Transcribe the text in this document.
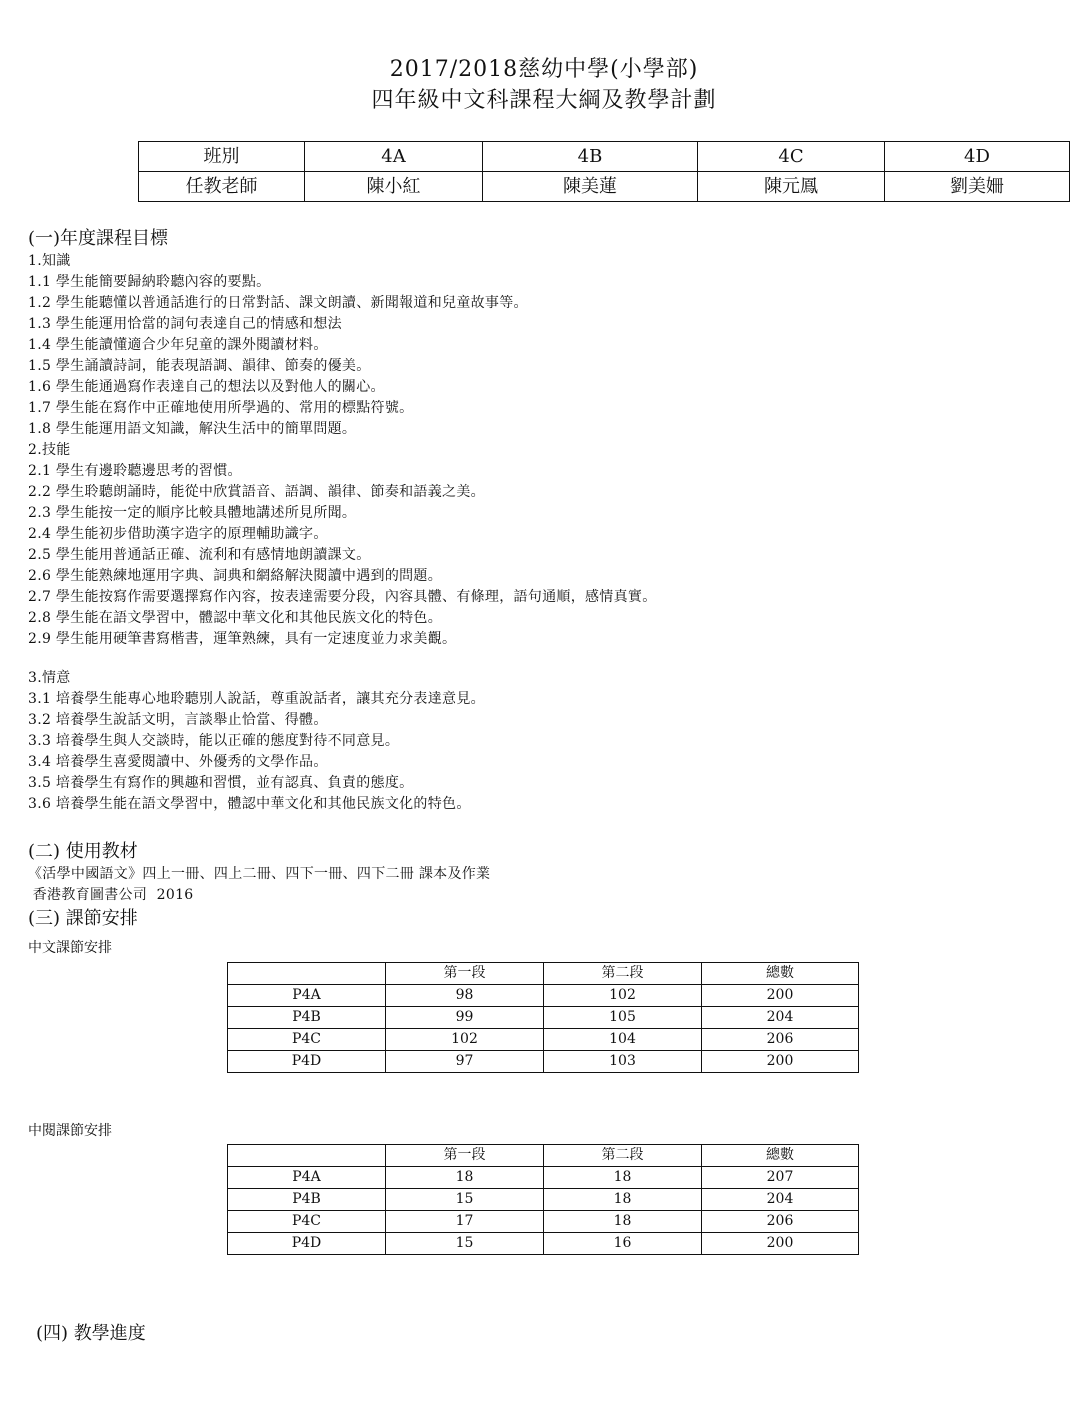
2017/2018慈幼中學(小學部)
四年級中文科課程大綱及教學計劃
班別	4A	4B	4C	4D
任教老師	陳小紅	陳美蓮	陳元鳳	劉美姍
(一)年度課程目標
1.知識
1.1 學生能簡要歸納聆聽內容的要點。
1.2 學生能聽懂以普通話進行的日常對話、課文朗讀、新聞報道和兒童故事等。
1.3 學生能運用恰當的詞句表達自己的情感和想法
1.4 學生能讀懂適合少年兒童的課外閱讀材料。
1.5 學生誦讀詩詞，能表現語調、韻律、節奏的優美。
1.6 學生能通過寫作表達自己的想法以及對他人的關心。
1.7 學生能在寫作中正確地使用所學過的、常用的標點符號。
1.8 學生能運用語文知識，解決生活中的簡單問題。
2.技能
2.1 學生有邊聆聽邊思考的習慣。
2.2 學生聆聽朗誦時，能從中欣賞語音、語調、韻律、節奏和語義之美。
2.3 學生能按一定的順序比較具體地講述所見所聞。
2.4 學生能初步借助漢字造字的原理輔助識字。
2.5 學生能用普通話正確、流利和有感情地朗讀課文。
2.6 學生能熟練地運用字典、詞典和網絡解決閱讀中遇到的問題。
2.7 學生能按寫作需要選擇寫作內容，按表達需要分段，內容具體、有條理，語句通順，感情真實。
2.8 學生能在語文學習中，體認中華文化和其他民族文化的特色。
2.9 學生能用硬筆書寫楷書，運筆熟練，具有一定速度並力求美觀。
3.情意
3.1 培養學生能專心地聆聽別人說話，尊重說話者，讓其充分表達意見。
3.2 培養學生說話文明，言談舉止恰當、得體。
3.3 培養學生與人交談時，能以正確的態度對待不同意見。
3.4 培養學生喜愛閱讀中、外優秀的文學作品。
3.5 培養學生有寫作的興趣和習慣，並有認真、負責的態度。
3.6 培養學生能在語文學習中，體認中華文化和其他民族文化的特色。
(二) 使用教材
《活學中國語文》四上一冊、四上二冊、四下一冊、四下二冊 課本及作業
香港教育圖書公司  2016
(三) 課節安排
中文課節安排
	第一段	第二段	總數
P4A	98	102	200
P4B	99	105	204
P4C	102	104	206
P4D	97	103	200
中閱課節安排
	第一段	第二段	總數
P4A	18	18	207
P4B	15	18	204
P4C	17	18	206
P4D	15	16	200
(四) 教學進度
